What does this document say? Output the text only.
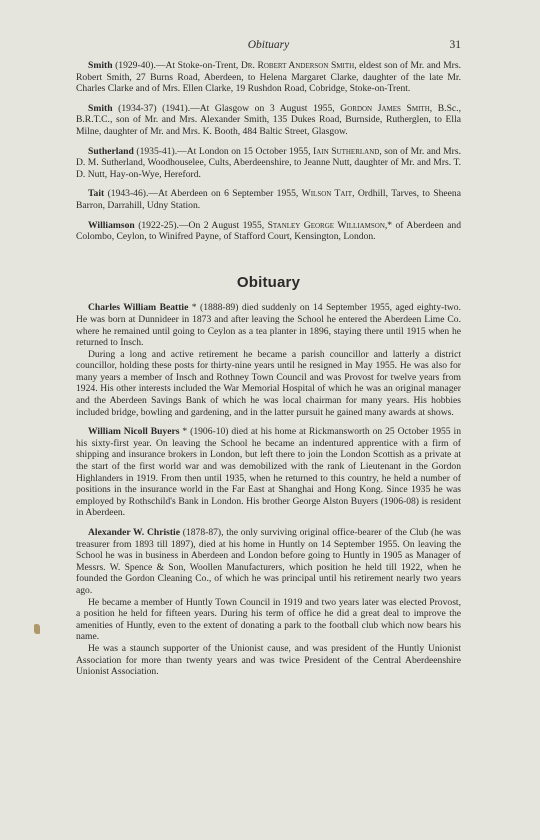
Obituary	31

Smith (1929-40).—At Stoke-on-Trent, Dr. Robert Anderson Smith, eldest son of Mr. and Mrs. Robert Smith, 27 Burns Road, Aberdeen, to Helena Margaret Clarke, daughter of the late Mr. Charles Clarke and of Mrs. Ellen Clarke, 19 Rushdon Road, Cobridge, Stoke-on-Trent.

Smith (1934-37) (1941).—At Glasgow on 3 August 1955, Gordon James Smith, B.Sc., B.R.T.C., son of Mr. and Mrs. Alexander Smith, 135 Dukes Road, Burnside, Rutherglen, to Ella Milne, daughter of Mr. and Mrs. K. Booth, 484 Baltic Street, Glasgow.

Sutherland (1935-41).—At London on 15 October 1955, Iain Sutherland, son of Mr. and Mrs. D. M. Sutherland, Woodhouselee, Cults, Aberdeenshire, to Jeanne Nutt, daughter of Mr. and Mrs. T. D. Nutt, Hay-on-Wye, Hereford.

Tait (1943-46).—At Aberdeen on 6 September 1955, Wilson Tait, Ordhill, Tarves, to Sheena Barron, Darrahill, Udny Station.

Williamson (1922-25).—On 2 August 1955, Stanley George Williamson,* of Aberdeen and Colombo, Ceylon, to Winifred Payne, of Stafford Court, Kensington, London.

Obituary

Charles William Beattie * (1888-89) died suddenly on 14 September 1955, aged eighty-two. He was born at Dunnideer in 1873 and after leaving the School he entered the Aberdeen Lime Co. where he remained until going to Ceylon as a tea planter in 1896, staying there until 1915 when he returned to Insch.

During a long and active retirement he became a parish councillor and latterly a district councillor, holding these posts for thirty-nine years until he resigned in May 1955. He was also for many years a member of Insch and Rothney Town Council and was Provost for twelve years from 1924. His other interests included the War Memorial Hospital of which he was an original manager and the Aberdeen Savings Bank of which he was local chairman for many years. His hobbies included bridge, bowling and gardening, and in the latter pursuit he gained many awards at shows.

William Nicoll Buyers * (1906-10) died at his home at Rickmansworth on 25 October 1955 in his sixty-first year. On leaving the School he became an indentured apprentice with a firm of shipping and insurance brokers in London, but left there to join the London Scottish as a private at the start of the first world war and was demobilized with the rank of Lieutenant in the Gordon Highlanders in 1919. From then until 1935, when he returned to this country, he held a number of positions in the insurance world in the Far East at Shanghai and Hong Kong. Since 1935 he was employed by Rothschild's Bank in London. His brother George Alston Buyers (1906-08) is resident in Aberdeen.

Alexander W. Christie (1878-87), the only surviving original office-bearer of the Club (he was treasurer from 1893 till 1897), died at his home in Huntly on 14 September 1955. On leaving the School he was in business in Aberdeen and London before going to Huntly in 1905 as Manager of Messrs. W. Spence & Son, Woollen Manufacturers, which position he held till 1922, when he founded the Gordon Cleaning Co., of which he was principal until his retirement nearly two years ago.

He became a member of Huntly Town Council in 1919 and two years later was elected Provost, a position he held for fifteen years. During his term of office he did a great deal to improve the amenities of Huntly, even to the extent of donating a park to the football club which now bears his name.

He was a staunch supporter of the Unionist cause, and was president of the Huntly Unionist Association for more than twenty years and was twice President of the Central Aberdeenshire Unionist Association.
